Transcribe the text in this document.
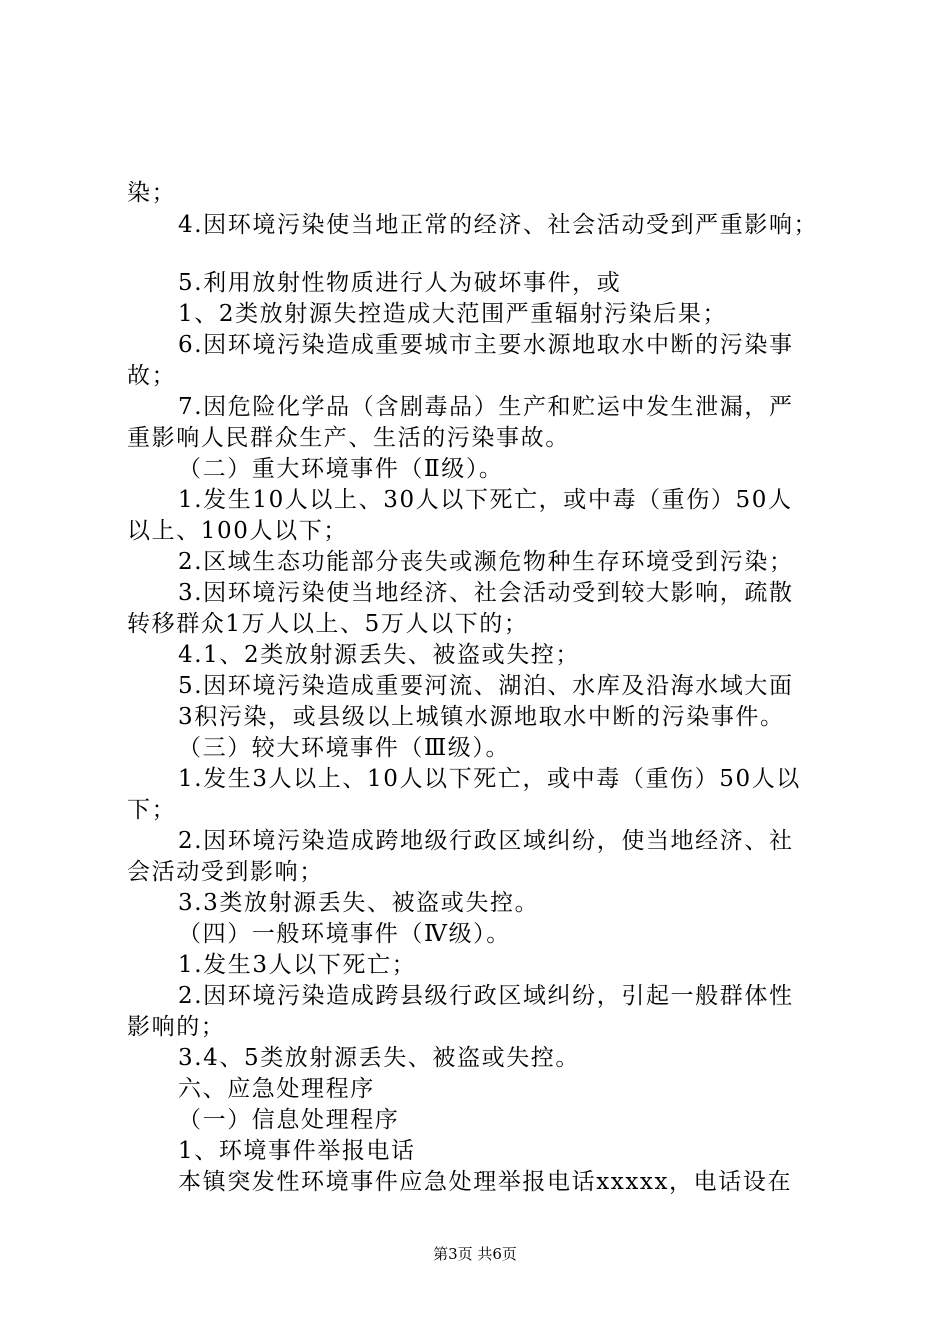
染；
4.因环境污染使当地正常的经济、社会活动受到严重影响；
5.利用放射性物质进行人为破坏事件，或
1、2类放射源失控造成大范围严重辐射污染后果；
6.因环境污染造成重要城市主要水源地取水中断的污染事
故；
7.因危险化学品（含剧毒品）生产和贮运中发生泄漏，严
重影响人民群众生产、生活的污染事故。
（二）重大环境事件（Ⅱ级）。
1.发生10人以上、30人以下死亡，或中毒（重伤）50人
以上、100人以下；
2.区域生态功能部分丧失或濒危物种生存环境受到污染；
3.因环境污染使当地经济、社会活动受到较大影响，疏散
转移群众1万人以上、5万人以下的；
4.1、2类放射源丢失、被盗或失控；
5.因环境污染造成重要河流、湖泊、水库及沿海水域大面
3积污染，或县级以上城镇水源地取水中断的污染事件。
（三）较大环境事件（Ⅲ级）。
1.发生3人以上、10人以下死亡，或中毒（重伤）50人以
下；
2.因环境污染造成跨地级行政区域纠纷，使当地经济、社
会活动受到影响；
3.3类放射源丢失、被盗或失控。
（四）一般环境事件（Ⅳ级）。
1.发生3人以下死亡；
2.因环境污染造成跨县级行政区域纠纷，引起一般群体性
影响的；
3.4、5类放射源丢失、被盗或失控。
六、应急处理程序
（一）信息处理程序
1、环境事件举报电话
本镇突发性环境事件应急处理举报电话xxxxx，电话设在
第3页 共6页
